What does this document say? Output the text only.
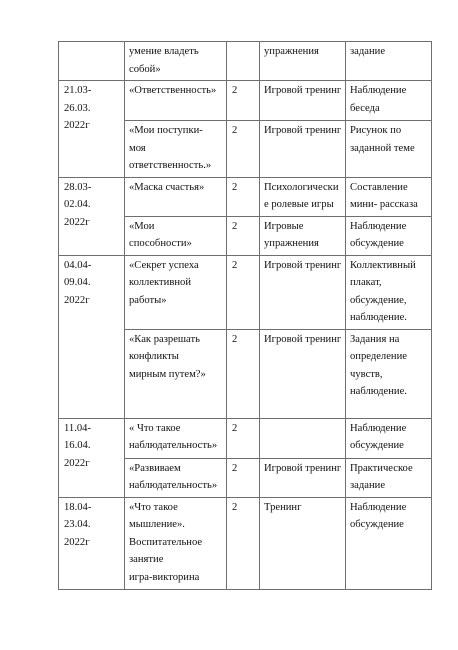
	умение владеть
собой»		упражнения	задание

21.03-
26.03.
2022г	«Ответственность»	2	Игровой тренинг	Наблюдение
беседа

	«Мои поступки-
моя
ответственность.»	2	Игровой тренинг	Рисунок по
заданной теме

28.03-
02.04.
2022г	«Маска счастья»	2	Психологически
е ролевые игры	Составление
мини- рассказа

	«Мои
способности»	2	Игровые
упражнения	Наблюдение
обсуждение

04.04-
09.04.
2022г	«Секрет успеха
коллективной
работы»	2	Игровой тренинг	Коллективный
плакат,
обсуждение,
наблюдение.

	«Как разрешать
конфликты
мирным путем?»	2	Игровой тренинг	Задания на
определение
чувств,
наблюдение.

11.04-
16.04.
2022г	« Что такое
наблюдательность»	2		Наблюдение
обсуждение

	«Развиваем
наблюдательность»	2	Игровой тренинг	Практическое
задание

18.04-
23.04.
2022г	«Что такое
мышление».
Воспитательное
занятие
игра-викторина	2	Тренинг	Наблюдение
обсуждение
